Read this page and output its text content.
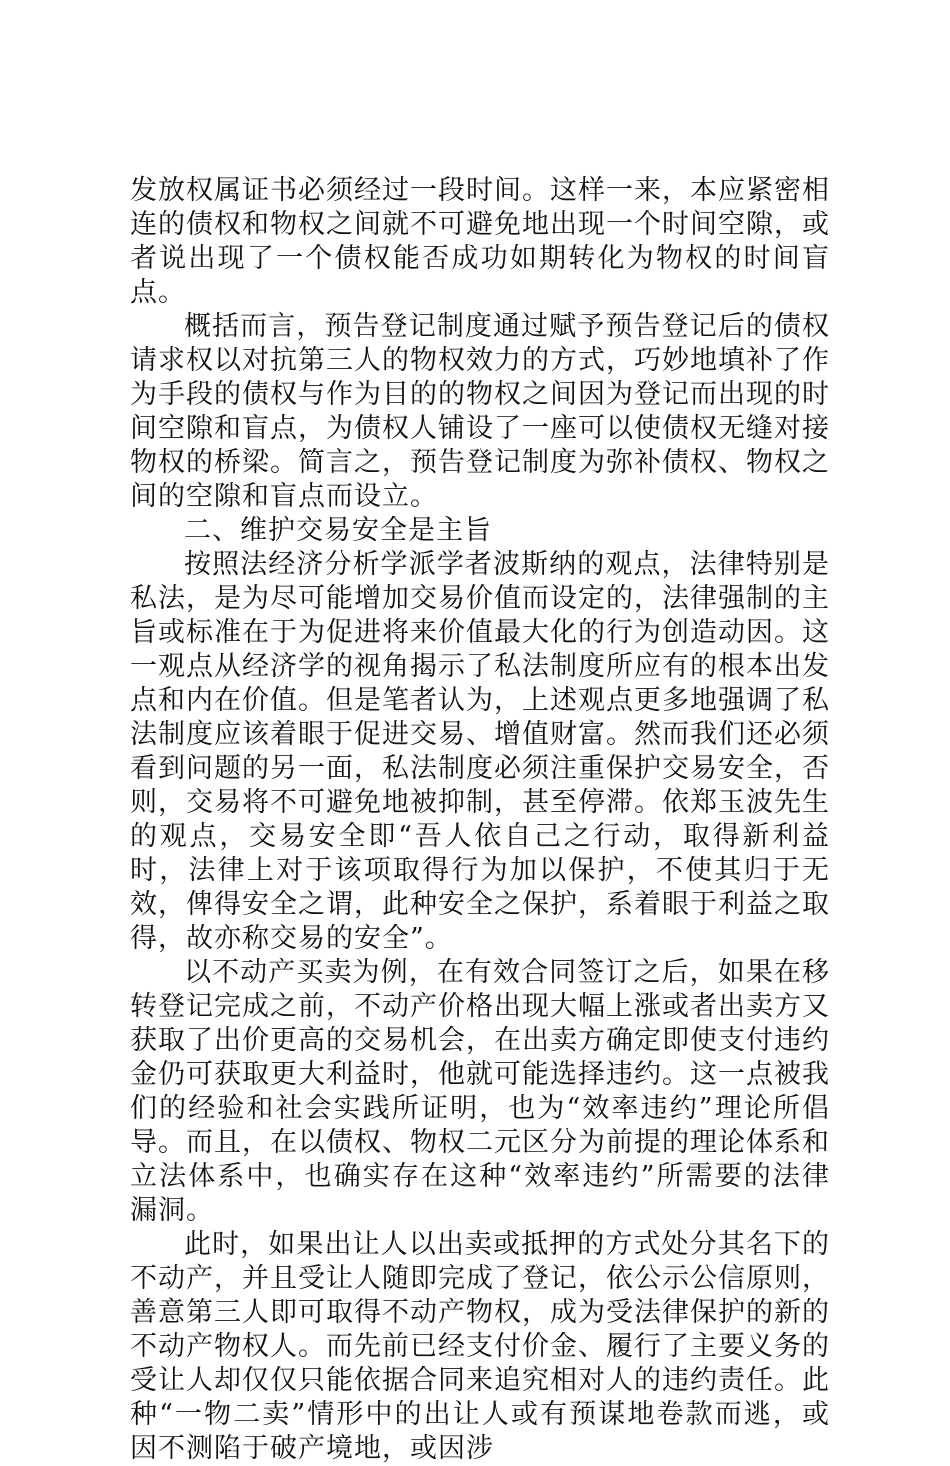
发放权属证书必须经过一段时间。这样一来，本应紧密相连的债权和物权之间就不可避免地出现一个时间空隙，或者说出现了一个债权能否成功如期转化为物权的时间盲点。

概括而言，预告登记制度通过赋予预告登记后的债权请求权以对抗第三人的物权效力的方式，巧妙地填补了作为手段的债权与作为目的的物权之间因为登记而出现的时间空隙和盲点，为债权人铺设了一座可以使债权无缝对接物权的桥梁。简言之，预告登记制度为弥补债权、物权之间的空隙和盲点而设立。

二、维护交易安全是主旨

按照法经济分析学派学者波斯纳的观点，法律特别是私法，是为尽可能增加交易价值而设定的，法律强制的主旨或标准在于为促进将来价值最大化的行为创造动因。这一观点从经济学的视角揭示了私法制度所应有的根本出发点和内在价值。但是笔者认为，上述观点更多地强调了私法制度应该着眼于促进交易、增值财富。然而我们还必须看到问题的另一面，私法制度必须注重保护交易安全，否则，交易将不可避免地被抑制，甚至停滞。依郑玉波先生的观点，交易安全即“吾人依自己之行动，取得新利益时，法律上对于该项取得行为加以保护，不使其归于无效，俾得安全之谓，此种安全之保护，系着眼于利益之取得，故亦称交易的安全”。

以不动产买卖为例，在有效合同签订之后，如果在移转登记完成之前，不动产价格出现大幅上涨或者出卖方又获取了出价更高的交易机会，在出卖方确定即使支付违约金仍可获取更大利益时，他就可能选择违约。这一点被我们的经验和社会实践所证明，也为“效率违约”理论所倡导。而且，在以债权、物权二元区分为前提的理论体系和立法体系中，也确实存在这种“效率违约”所需要的法律漏洞。

此时，如果出让人以出卖或抵押的方式处分其名下的不动产，并且受让人随即完成了登记，依公示公信原则，善意第三人即可取得不动产物权，成为受法律保护的新的不动产物权人。而先前已经支付价金、履行了主要义务的受让人却仅仅只能依据合同来追究相对人的违约责任。此种“一物二卖”情形中的出让人或有预谋地卷款而逃，或因不测陷于破产境地，或因涉
